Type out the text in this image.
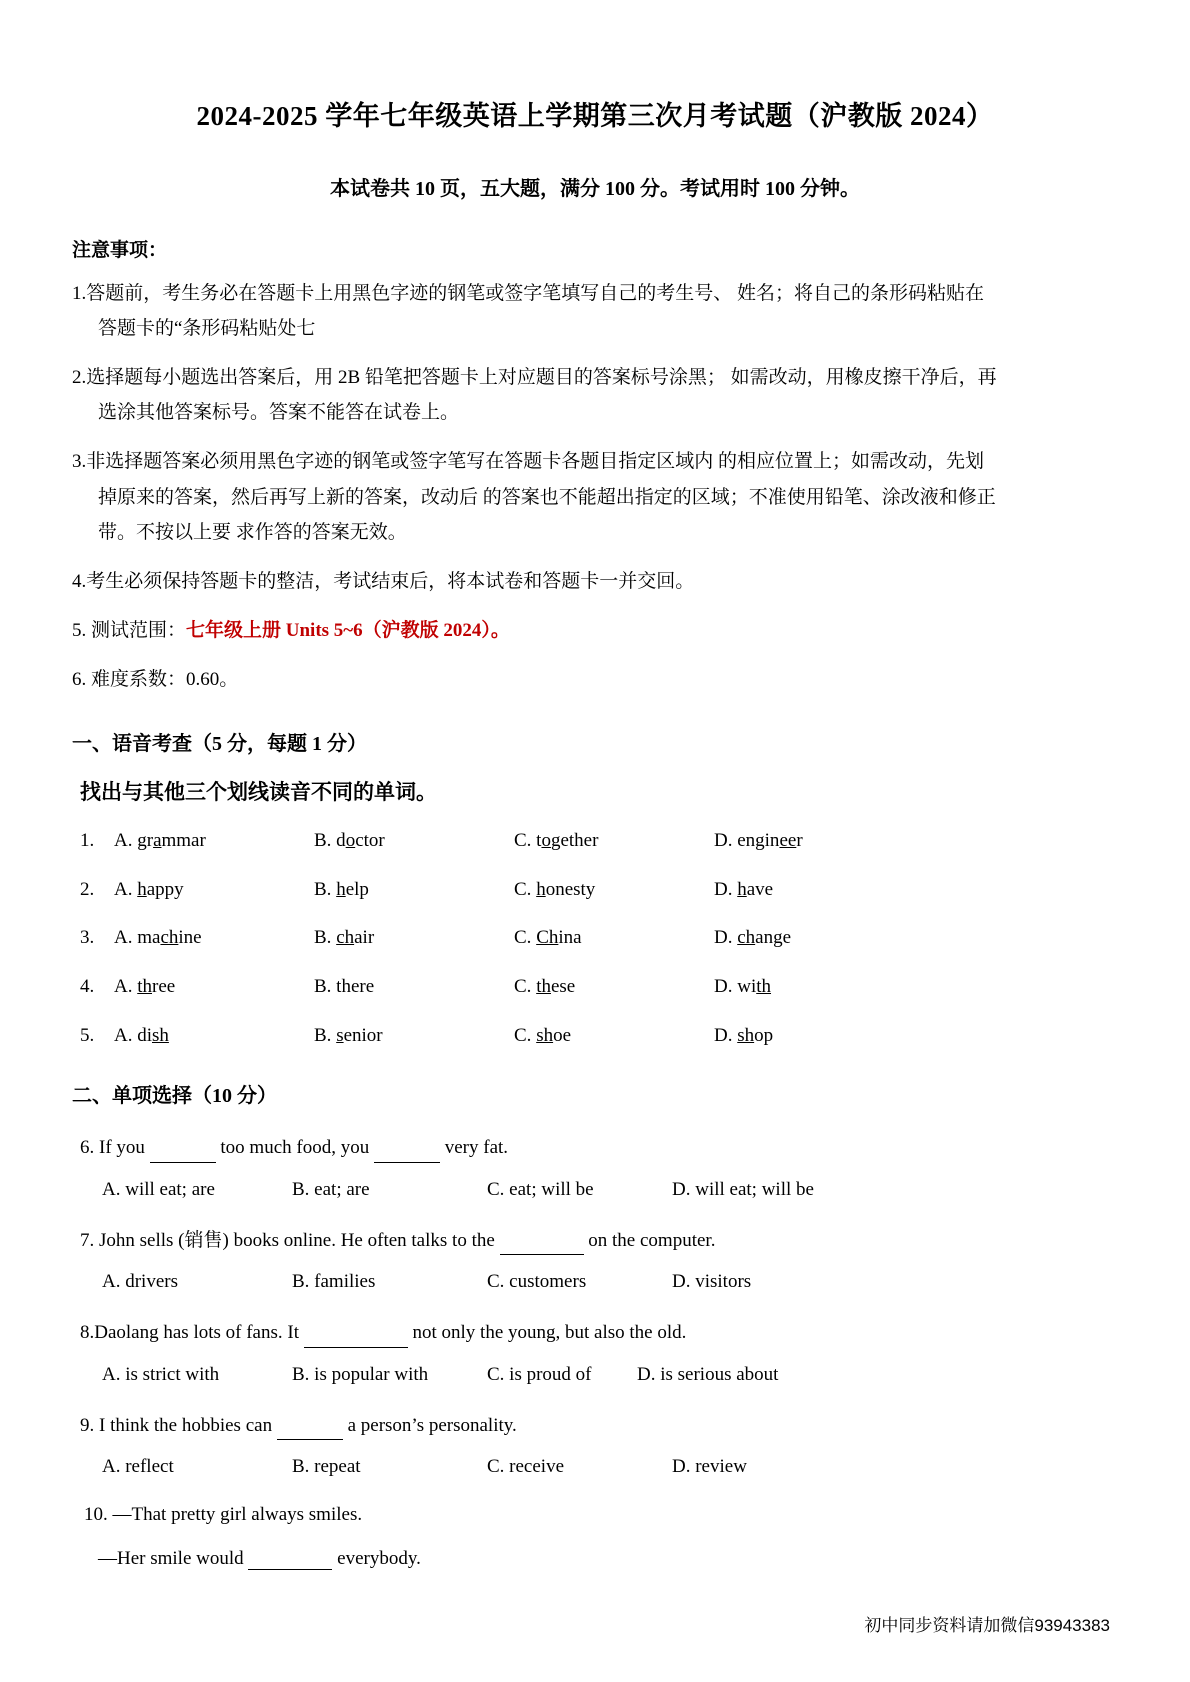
2024-2025 学年七年级英语上学期第三次月考试题（沪教版 2024）

本试卷共 10 页，五大题，满分 100 分。考试用时 100 分钟。

注意事项：

1.答题前，考生务必在答题卡上用黑色字迹的钢笔或签字笔填写自己的考生号、 姓名；将自己的条形码粘贴在
答题卡的“条形码粘贴处七
2.选择题每小题选出答案后，用 2B 铅笔把答题卡上对应题目的答案标号涂黑； 如需改动，用橡皮擦干净后，再
选涂其他答案标号。答案不能答在试卷上。
3.非选择题答案必须用黑色字迹的钢笔或签字笔写在答题卡各题目指定区域内 的相应位置上；如需改动，先划
掉原来的答案，然后再写上新的答案，改动后 的答案也不能超出指定的区域；不准使用铅笔、涂改液和修正
带。不按以上要 求作答的答案无效。
4.考生必须保持答题卡的整洁，考试结束后，将本试卷和答题卡一并交回。
5. 测试范围：七年级上册 Units 5~6（沪教版 2024）。
6. 难度系数：0.60。
一、语音考查（5 分，每题 1 分）
找出与其他三个划线读音不同的单词。
1.	A. grammar	B. doctor	C. together	D. engineer
2.	A. happy	B. help	C. honesty	D. have
3.	A. machine	B. chair	C. China	D. change
4.	A. three	B. there	C. these	D. with
5.	A. dish	B. senior	C. shoe	D. shop
二、单项选择（10 分）
6. If you	too much food, you	very fat.
A. will eat; are	B. eat; are	C. eat; will be	D. will eat; will be
7. John sells (销售) books online. He often talks to the	on the computer.
A. drivers	B. families	C. customers	D. visitors
8.Daolang has lots of fans. It	not only the young, but also the old.
A. is strict with	B. is popular with	C. is proud of	D. is serious about
9. I think the hobbies can	a person’s personality.
A. reflect	B. repeat	C. receive	D. review
10. —That pretty girl always smiles.
—Her smile would	everybody.
初中同步资料请加微信93943383
